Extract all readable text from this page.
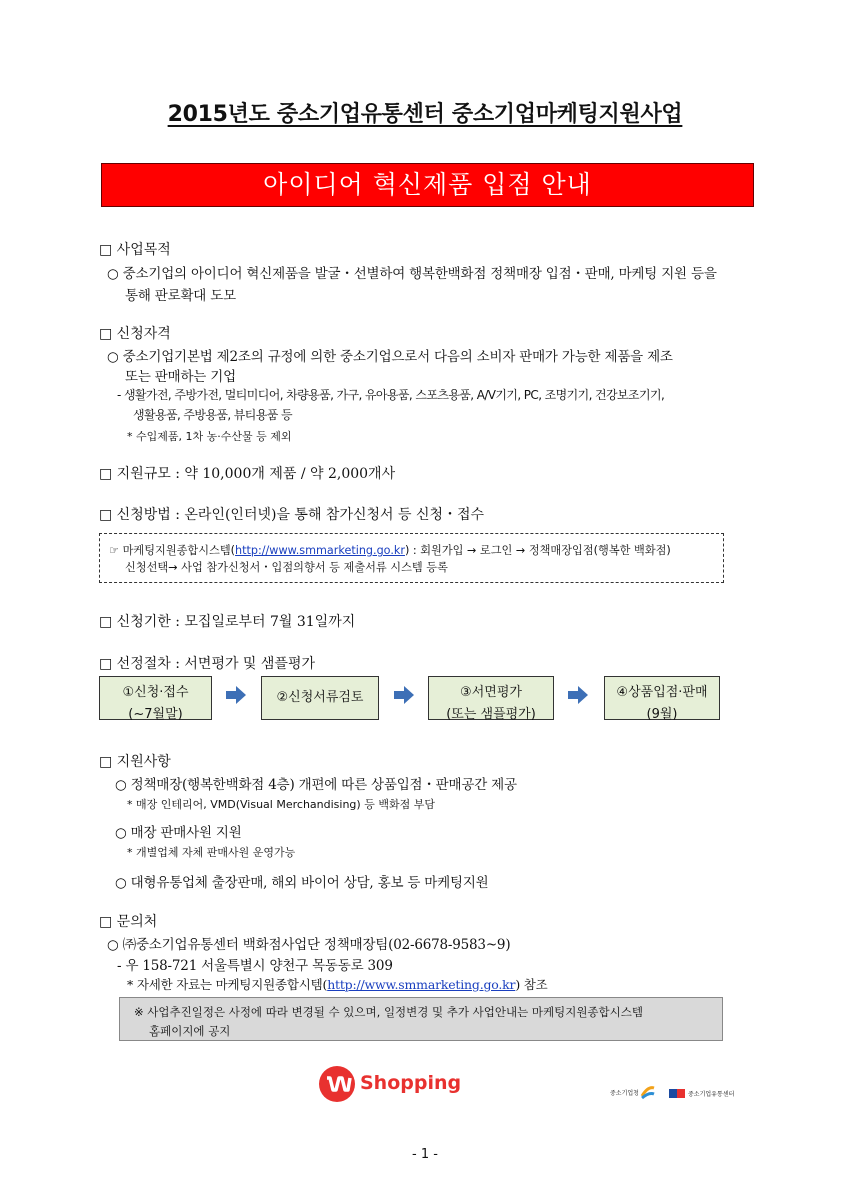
2015년도 중소기업유통센터 중소기업마케팅지원사업
아이디어 혁신제품 입점 안내
□ 사업목적
○ 중소기업의 아이디어 혁신제품을 발굴・선별하여 행복한백화점 정책매장 입점・판매, 마케팅 지원 등을
통해 판로확대 도모
□ 신청자격
○ 중소기업기본법 제2조의 규정에 의한 중소기업으로서 다음의 소비자 판매가 가능한 제품을 제조
또는 판매하는 기업
- 생활가전, 주방가전, 멀티미디어, 차량용품, 가구, 유아용품, 스포츠용품, A/V기기, PC, 조명기기, 건강보조기기,
생활용품, 주방용품, 뷰티용품 등
* 수입제품, 1차 농·수산물 등 제외
□ 지원규모 : 약 10,000개 제품 / 약 2,000개사
□ 신청방법 : 온라인(인터넷)을 통해 참가신청서 등 신청・접수
☞ 마케팅지원종합시스템(http://www.smmarketing.go.kr) : 회원가입 → 로그인 → 정책매장입점(행복한 백화점)
신청선택→ 사업 참가신청서・입점의향서 등 제출서류 시스템 등록
□ 신청기한 : 모집일로부터 7월 31일까지
□ 선정절차 : 서면평가 및 샘플평가
①신청·접수
(~7월말)
②신청서류검토	③서면평가
(또는 샘플평가)
④상품입점·판매
(9월)
□ 지원사항
○ 정책매장(행복한백화점 4층) 개편에 따른 상품입점・판매공간 제공
* 매장 인테리어, VMD(Visual Merchandising) 등 백화점 부담
○ 매장 판매사원 지원
* 개별업체 자체 판매사원 운영가능
○ 대형유통업체 출장판매, 해외 바이어 상담, 홍보 등 마케팅지원
□ 문의처
○ ㈜중소기업유통센터 백화점사업단 정책매장팀(02-6678-9583~9)
- 우 158-721 서울특별시 양천구 목동동로 309
* 자세한 자료는 마케팅지원종합시템(http://www.smmarketing.go.kr) 참조
※ 사업추진일정은 사정에 따라 변경될 수 있으며, 일정변경 및 추가 사업안내는 마케팅지원종합시스템
홈페이지에 공지
Shopping	중소기업청	중소기업유통센터
- 1 -
